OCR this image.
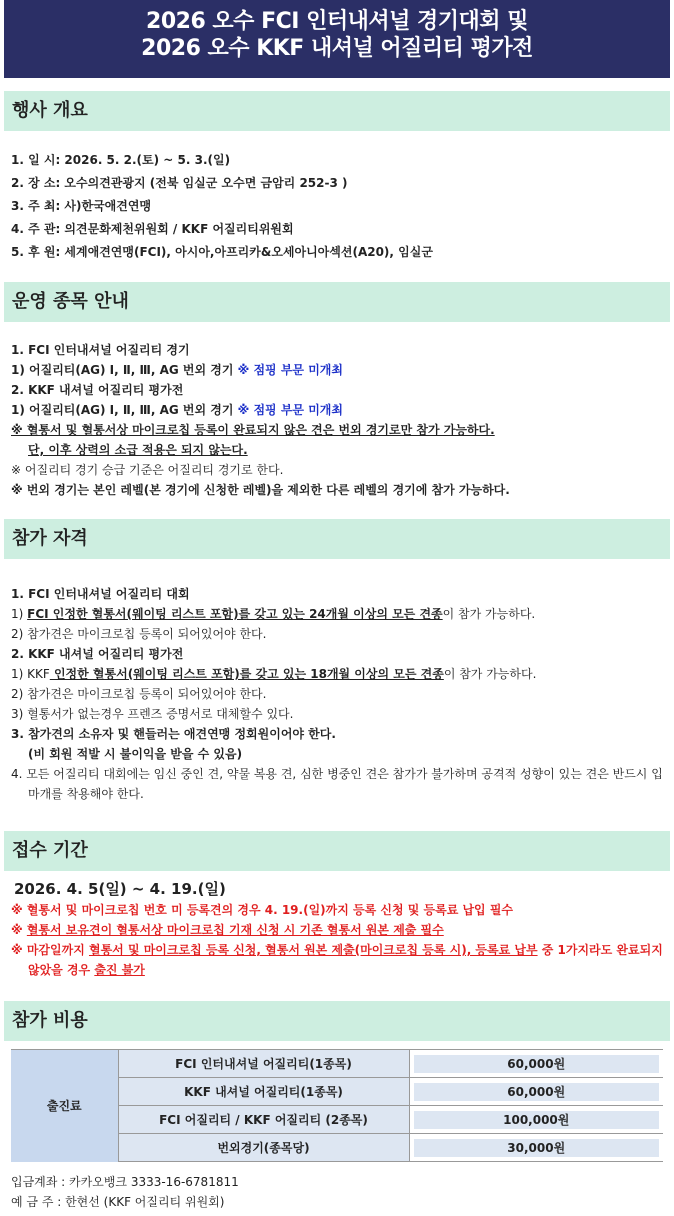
2026 오수 FCI 인터내셔널 경기대회 및
2026 오수 KKF 내셔널 어질리티 평가전
행사 개요
1. 일 시: 2026. 5. 2.(토) ~ 5. 3.(일)
2. 장 소: 오수의견관광지 (전북 임실군 오수면 금암리 252-3 )
3. 주 최: 사)한국애견연맹
4. 주 관: 의견문화제천위원회 / KKF 어질리티위원회
5. 후 원: 세계애견연맹(FCI), 아시아,아프리카&오세아니아섹션(A20), 임실군
운영 종목 안내
1. FCI 인터내셔널 어질리티 경기
1) 어질리티(AG) Ⅰ, Ⅱ, Ⅲ, AG 번외 경기 ※ 점핑 부문 미개최
2. KKF 내셔널 어질리티 평가전
1) 어질리티(AG) Ⅰ, Ⅱ, Ⅲ, AG 번외 경기 ※ 점핑 부문 미개최
※ 혈통서 및 혈통서상 마이크로칩 등록이 완료되지 않은 견은 번외 경기로만 참가 가능하다.
단, 이후 상력의 소급 적용은 되지 않는다.
※ 어질리티 경기 승급 기준은 어질리티 경기로 한다.
※ 번외 경기는 본인 레벨(본 경기에 신청한 레벨)을 제외한 다른 레벨의 경기에 참가 가능하다.
참가 자격
1. FCI 인터내셔널 어질리티 대회
1) FCI 인정한 혈통서(웨이팅 리스트 포함)를 갖고 있는 24개월 이상의 모든 견종이 참가 가능하다.
2) 참가견은 마이크로칩 등록이 되어있어야 한다.
2. KKF 내셔널 어질리티 평가전
1) KKF 인정한 혈통서(웨이팅 리스트 포함)를 갖고 있는 18개월 이상의 모든 견종이 참가 가능하다.
2) 참가견은 마이크로칩 등록이 되어있어야 한다.
3) 혈통서가 없는경우 프렌즈 증명서로 대체할수 있다.
3. 참가견의 소유자 및 핸들러는 애견연맹 정회원이어야 한다.
(비 회원 적발 시 불이익을 받을 수 있음)
4. 모든 어질리티 대회에는 임신 중인 견, 약물 복용 견, 심한 병중인 견은 참가가 불가하며 공격적 성향이 있는 견은 반드시 입마개를 착용해야 한다.
접수 기간
2026. 4. 5(일) ~ 4. 19.(일)
※ 혈통서 및 마이크로칩 번호 미 등록견의 경우 4. 19.(일)까지 등록 신청 및 등록료 납입 필수
※ 혈통서 보유견이 혈통서상 마이크로칩 기재 신청 시 기존 혈통서 원본 제출 필수
※ 마감일까지 혈통서 및 마이크로칩 등록 신청, 혈통서 원본 제출(마이크로칩 등록 시), 등록료 납부 중 1가지라도 완료되지 않았을 경우 출진 불가
참가 비용
출진료	FCI 인터내셔널 어질리티(1종목)	60,000원

	KKF 내셔널 어질리티(1종목)	60,000원

	FCI 어질리티 / KKF 어질리티 (2종목)	100,000원

	번외경기(종목당)	30,000원
입금계좌 : 카카오뱅크 3333-16-6781811
예 금 주 : 한현선 (KKF 어질리티 위원회)
